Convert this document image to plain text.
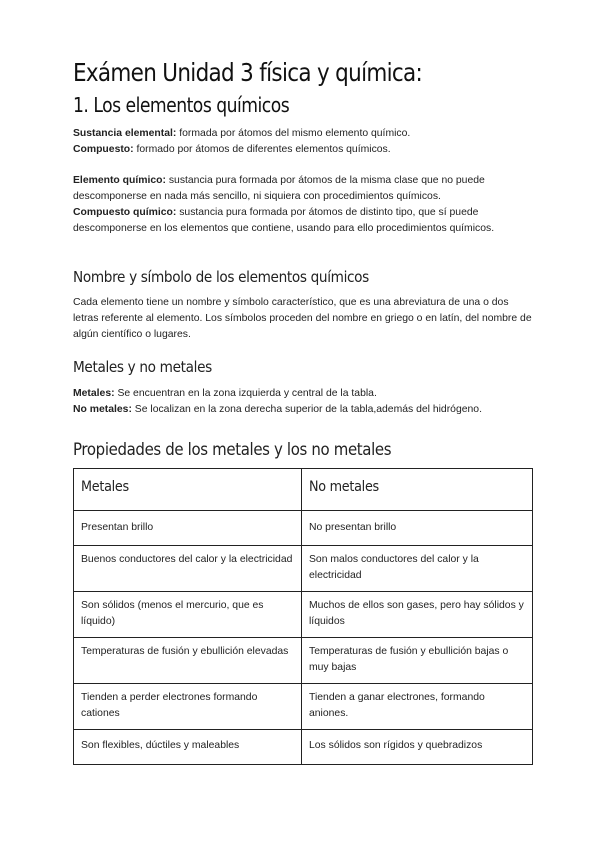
Exámen Unidad 3 física y química:
1. Los elementos químicos

Sustancia elemental: formada por átomos del mismo elemento químico.

Compuesto: formado por átomos de diferentes elementos químicos.

Elemento químico: sustancia pura formada por átomos de la misma clase que no puede descomponerse en nada más sencillo, ni siquiera con procedimientos químicos.

Compuesto químico: sustancia pura formada por átomos de distinto tipo, que sí puede descomponerse en los elementos que contiene, usando para ello procedimientos químicos.

Nombre y símbolo de los elementos químicos

Cada elemento tiene un nombre y símbolo característico, que es una abreviatura de una o dos letras referente al elemento. Los símbolos proceden del nombre en griego o en latín, del nombre de algún científico o lugares.

Metales y no metales

Metales: Se encuentran en la zona izquierda y central de la tabla.

No metales: Se localizan en la zona derecha superior de la tabla,además del hidrógeno.

Propiedades de los metales y los no metales
Metales	No metales
Presentan brillo	No presentan brillo
Buenos conductores del calor y la electricidad	Son malos conductores del calor y la electricidad
Son sólidos (menos el mercurio, que es líquido)	Muchos de ellos son gases, pero hay sólidos y líquidos
Temperaturas de fusión y ebullición elevadas	Temperaturas de fusión y ebullición bajas o muy bajas
Tienden a perder electrones formando cationes	Tienden a ganar electrones, formando aniones.
Son flexibles, dúctiles y maleables	Los sólidos son rígidos y quebradizos
